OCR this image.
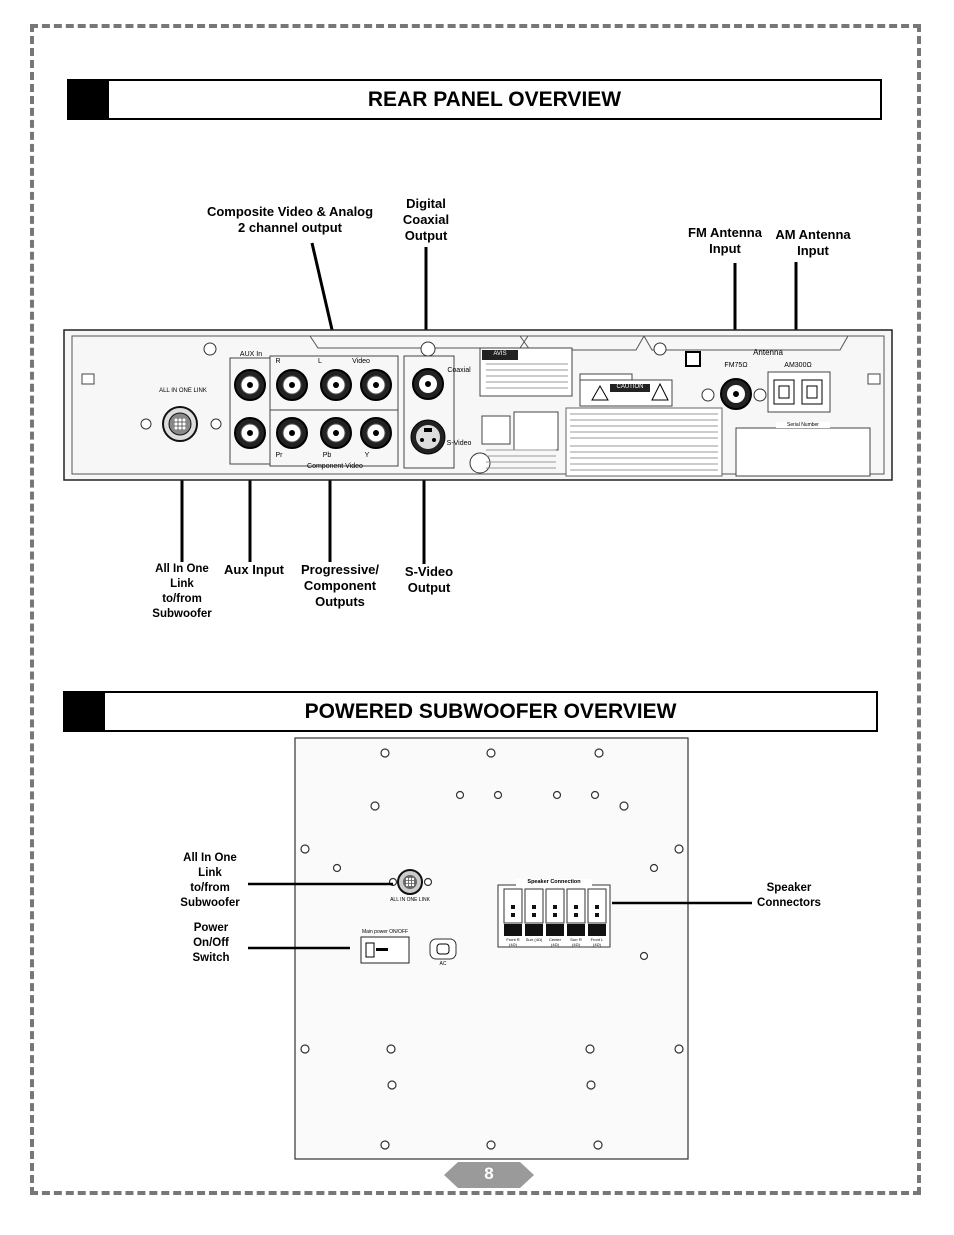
REAR PANEL OVERVIEW
Composite Video & Analog
2 channel output
Digital
Coaxial
Output	FM Antenna
Input
AM Antenna
Input
All In One
Link
to/from
Subwoofer
Aux Input	Progressive/
Component
Outputs
S-Video
Output
AUX In
Video
L
R
Pr	Pb	Y
Component Video
ALL IN ONE LINK
Coaxial
S-Video
Antenna
FM75Ω	AM300Ω
Serial Number
CAUTION
AVIS
POWERED SUBWOOFER OVERVIEW
ALL IN ONE LINK
Main power ON/OFF
AC
Speaker Connection
Front R (4Ω)
Surr (4Ω)	Center (4Ω)
Surr R (4Ω)
Front L (4Ω)
All In One
Link
to/from
Subwoofer
Power
On/Off
Switch
Speaker
Connectors
8
